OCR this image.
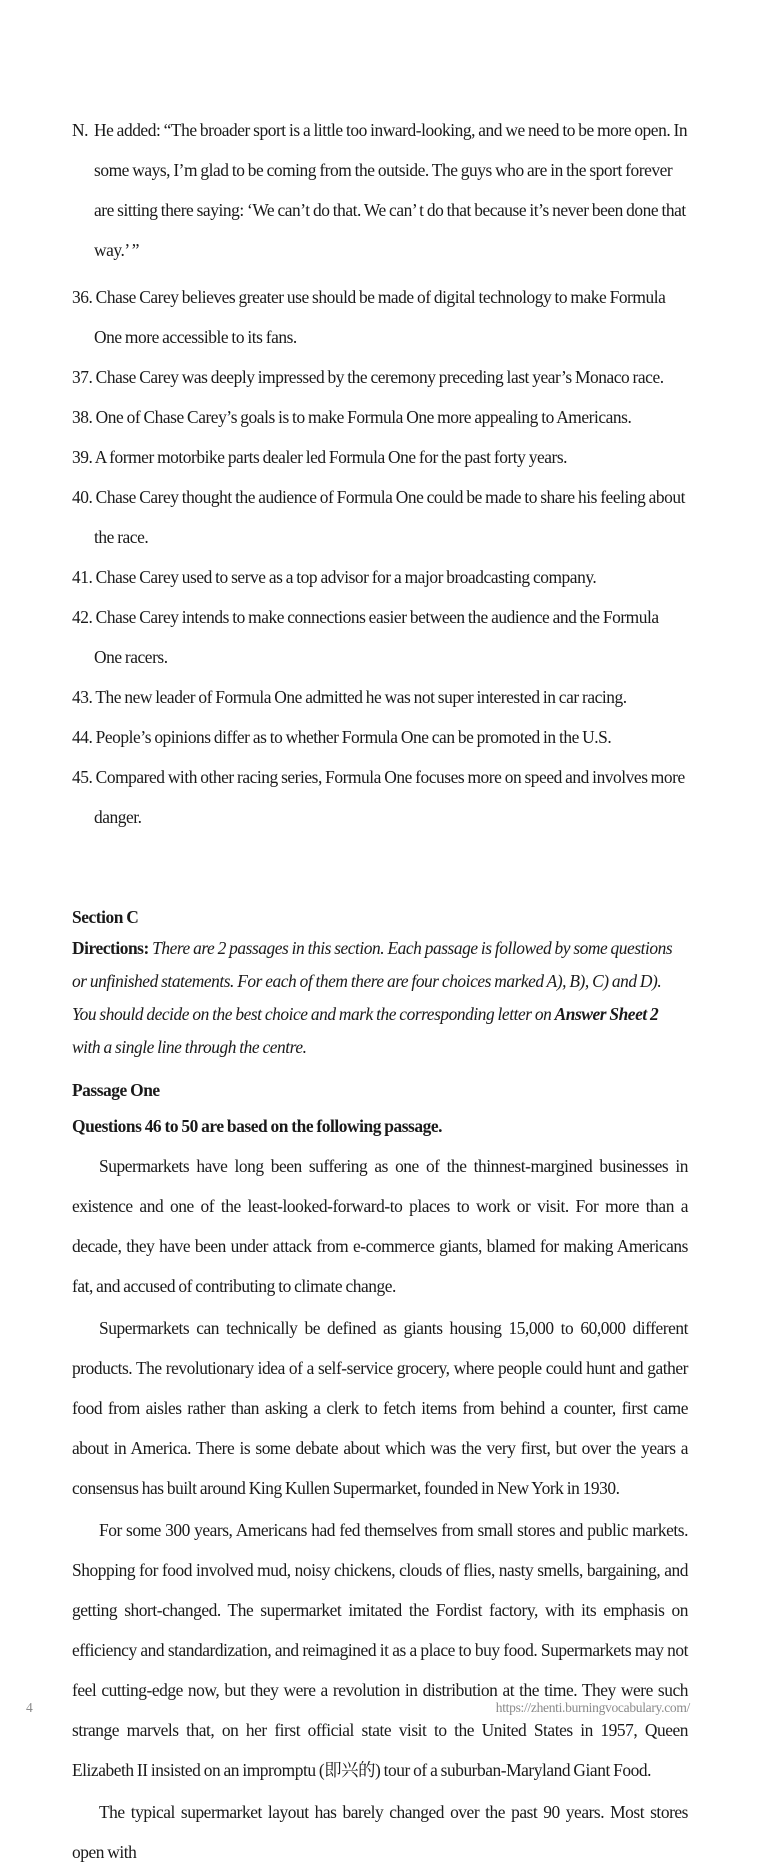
N. He added: “The broader sport is a little too inward-looking, and we need to be more open. In some ways, I’m glad to be coming from the outside. The guys who are in the sport forever are sitting there saying: ‘We can’t do that. We can’ t do that because it’s never been done that way.’ ”
36. Chase Carey believes greater use should be made of digital technology to make Formula One more accessible to its fans.
37. Chase Carey was deeply impressed by the ceremony preceding last year’s Monaco race.
38. One of Chase Carey’s goals is to make Formula One more appealing to Americans.
39. A former motorbike parts dealer led Formula One for the past forty years.
40. Chase Carey thought the audience of Formula One could be made to share his feeling about the race.
41. Chase Carey used to serve as a top advisor for a major broadcasting company.
42. Chase Carey intends to make connections easier between the audience and the Formula One racers.
43. The new leader of Formula One admitted he was not super interested in car racing.
44. People’s opinions differ as to whether Formula One can be promoted in the U.S.
45. Compared with other racing series, Formula One focuses more on speed and involves more danger.
Section C
Directions: There are 2 passages in this section. Each passage is followed by some questions or unfinished statements. For each of them there are four choices marked A), B), C) and D). You should decide on the best choice and mark the corresponding letter on Answer Sheet 2 with a single line through the centre.
Passage One
Questions 46 to 50 are based on the following passage.
Supermarkets have long been suffering as one of the thinnest-margined businesses in existence and one of the least-looked-forward-to places to work or visit. For more than a decade, they have been under attack from e-commerce giants, blamed for making Americans fat, and accused of contributing to climate change.
Supermarkets can technically be defined as giants housing 15,000 to 60,000 different products. The revolutionary idea of a self-service grocery, where people could hunt and gather food from aisles rather than asking a clerk to fetch items from behind a counter, first came about in America. There is some debate about which was the very first, but over the years a consensus has built around King Kullen Supermarket, founded in New York in 1930.
For some 300 years, Americans had fed themselves from small stores and public markets. Shopping for food involved mud, noisy chickens, clouds of flies, nasty smells, bargaining, and getting short-changed. The supermarket imitated the Fordist factory, with its emphasis on efficiency and standardization, and reimagined it as a place to buy food. Supermarkets may not feel cutting-edge now, but they were a revolution in distribution at the time. They were such strange marvels that, on her first official state visit to the United States in 1957, Queen Elizabeth II insisted on an impromptu (即兴的) tour of a suburban-Maryland Giant Food.
The typical supermarket layout has barely changed over the past 90 years. Most stores open with
4	https://zhenti.burningvocabulary.com/
